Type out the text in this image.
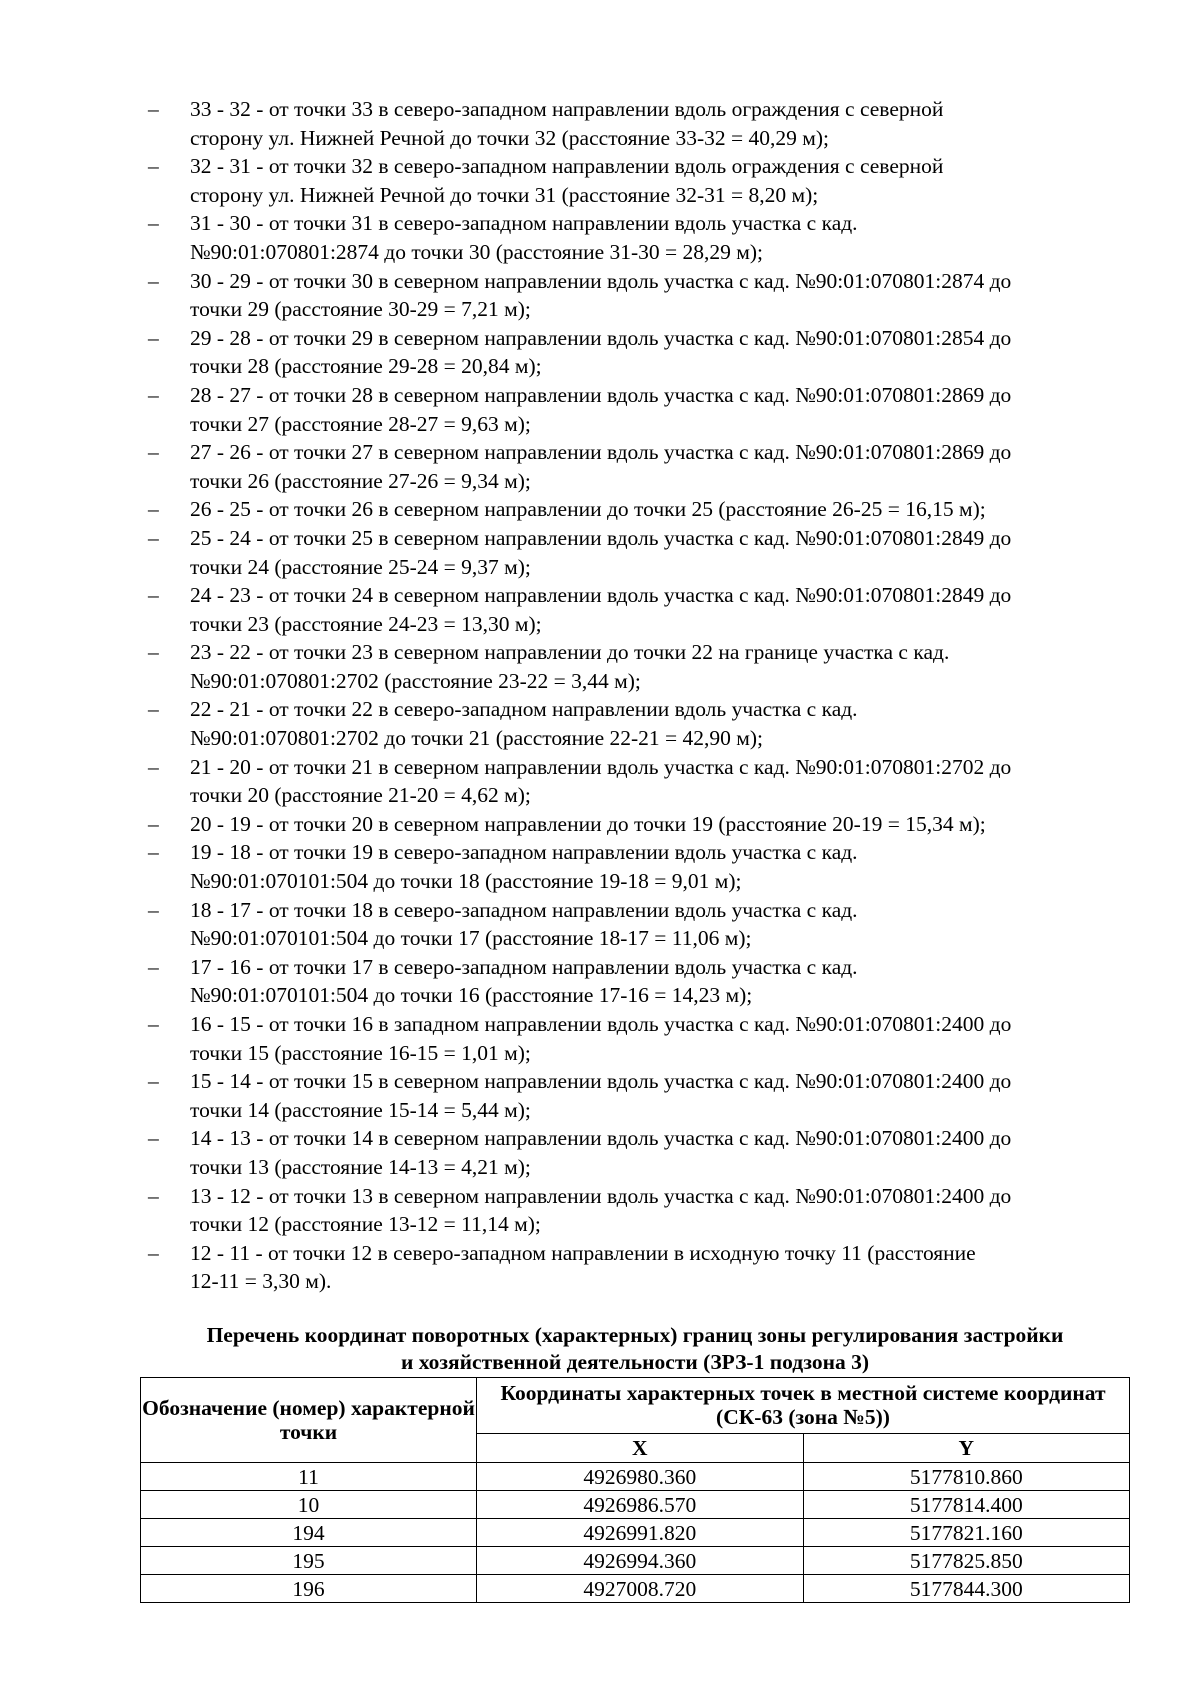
–	33 - 32 - от точки 33 в северо-западном направлении вдоль ограждения с северной
сторону ул. Нижней Речной до точки 32 (расстояние 33-32 = 40,29 м);
–	32 - 31 - от точки 32 в северо-западном направлении вдоль ограждения с северной
сторону ул. Нижней Речной до точки 31 (расстояние 32-31 = 8,20 м);
–	31 - 30 - от точки 31 в северо-западном направлении вдоль участка с кад.
№90:01:070801:2874 до точки 30 (расстояние 31-30 = 28,29 м);
–	30 - 29 - от точки 30 в северном направлении вдоль участка с кад. №90:01:070801:2874 до
точки 29 (расстояние 30-29 = 7,21 м);
–	29 - 28 - от точки 29 в северном направлении вдоль участка с кад. №90:01:070801:2854 до
точки 28 (расстояние 29-28 = 20,84 м);
–	28 - 27 - от точки 28 в северном направлении вдоль участка с кад. №90:01:070801:2869 до
точки 27 (расстояние 28-27 = 9,63 м);
–	27 - 26 - от точки 27 в северном направлении вдоль участка с кад. №90:01:070801:2869 до
точки 26 (расстояние 27-26 = 9,34 м);
–	26 - 25 - от точки 26 в северном направлении до точки 25 (расстояние 26-25 = 16,15 м);
–	25 - 24 - от точки 25 в северном направлении вдоль участка с кад. №90:01:070801:2849 до
точки 24 (расстояние 25-24 = 9,37 м);
–	24 - 23 - от точки 24 в северном направлении вдоль участка с кад. №90:01:070801:2849 до
точки 23 (расстояние 24-23 = 13,30 м);
–	23 - 22 - от точки 23 в северном направлении до точки 22 на границе участка с кад.
№90:01:070801:2702 (расстояние 23-22 = 3,44 м);
–	22 - 21 - от точки 22 в северо-западном направлении вдоль участка с кад.
№90:01:070801:2702 до точки 21 (расстояние 22-21 = 42,90 м);
–	21 - 20 - от точки 21 в северном направлении вдоль участка с кад. №90:01:070801:2702 до
точки 20 (расстояние 21-20 = 4,62 м);
–	20 - 19 - от точки 20 в северном направлении до точки 19 (расстояние 20-19 = 15,34 м);
–	19 - 18 - от точки 19 в северо-западном направлении вдоль участка с кад.
№90:01:070101:504 до точки 18 (расстояние 19-18 = 9,01 м);
–	18 - 17 - от точки 18 в северо-западном направлении вдоль участка с кад.
№90:01:070101:504 до точки 17 (расстояние 18-17 = 11,06 м);
–	17 - 16 - от точки 17 в северо-западном направлении вдоль участка с кад.
№90:01:070101:504 до точки 16 (расстояние 17-16 = 14,23 м);
–	16 - 15 - от точки 16 в западном направлении вдоль участка с кад. №90:01:070801:2400 до
точки 15 (расстояние 16-15 = 1,01 м);
–	15 - 14 - от точки 15 в северном направлении вдоль участка с кад. №90:01:070801:2400 до
точки 14 (расстояние 15-14 = 5,44 м);
–	14 - 13 - от точки 14 в северном направлении вдоль участка с кад. №90:01:070801:2400 до
точки 13 (расстояние 14-13 = 4,21 м);
–	13 - 12 - от точки 13 в северном направлении вдоль участка с кад. №90:01:070801:2400 до
точки 12 (расстояние 13-12 = 11,14 м);
–	12 - 11 - от точки 12 в северо-западном направлении в исходную точку 11 (расстояние
12-11 = 3,30 м).
Перечень координат поворотных (характерных) границ зоны регулирования застройки
и хозяйственной деятельности (ЗРЗ-1 подзона 3)
Обозначение (номер) характерной точки	Координаты характерных точек в местной системе координат (СК-63 (зона №5))	
	X	Y
11	4926980.360	5177810.860
10	4926986.570	5177814.400
194	4926991.820	5177821.160
195	4926994.360	5177825.850
196	4927008.720	5177844.300
